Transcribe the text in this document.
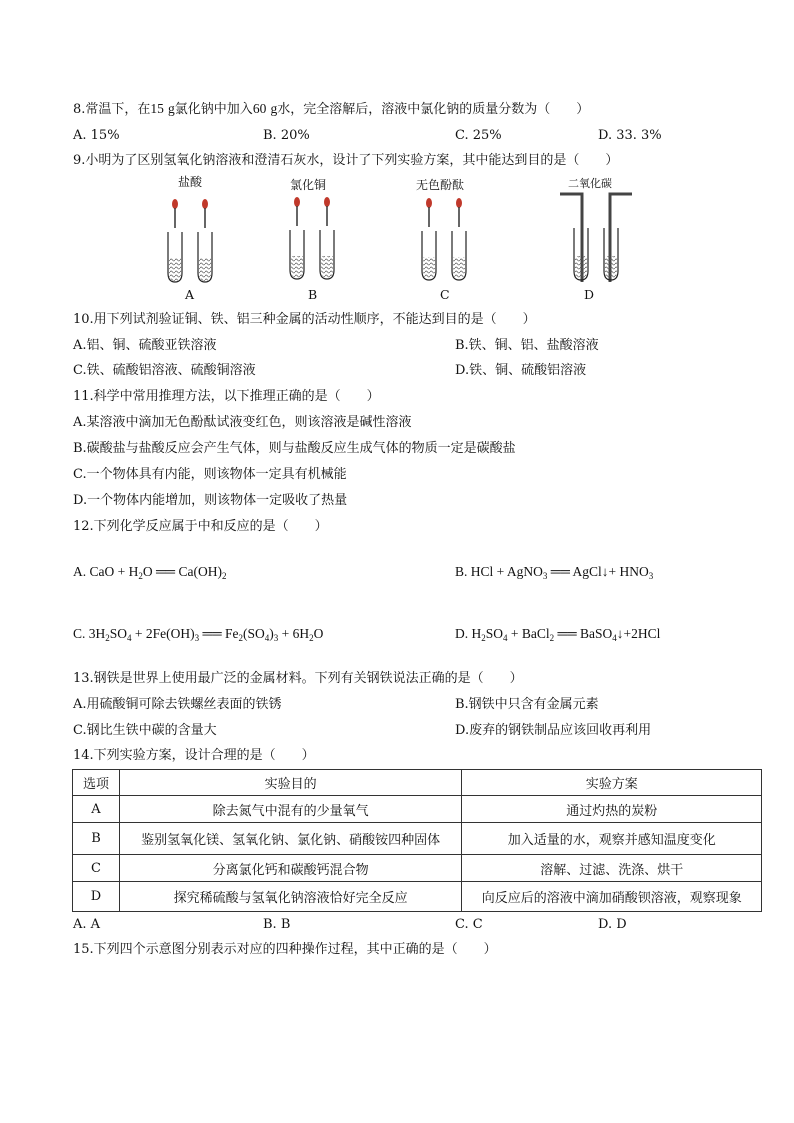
8.常温下，在15 g氯化钠中加入60 g水，完全溶解后，溶液中氯化钠的质量分数为（　　）
A. 15%	B. 20%	C. 25%	D. 33. 3%
9.小明为了区别氢氧化钠溶液和澄清石灰水，设计了下列实验方案，其中能达到目的是（　　）
盐酸	氯化铜	无色酚酞	二氧化碳
A	B	C	D
10.用下列试剂验证铜、铁、铝三种金属的活动性顺序，不能达到目的是（　　）
A.铝、铜、硫酸亚铁溶液	B.铁、铜、铝、盐酸溶液
C.铁、硫酸铝溶液、硫酸铜溶液	D.铁、铜、硫酸铝溶液
11.科学中常用推理方法，以下推理正确的是（　　）
A.某溶液中滴加无色酚酞试液变红色，则该溶液是碱性溶液
B.碳酸盐与盐酸反应会产生气体，则与盐酸反应生成气体的物质一定是碳酸盐
C.一个物体具有内能，则该物体一定具有机械能
D.一个物体内能增加，则该物体一定吸收了热量
12.下列化学反应属于中和反应的是（　　）
A. CaO + $H_2O$ ══ $Ca(OH)_2$	B. HCl + AgNO$_3$ ══ AgCl↓+ $HNO_3$
C. $3H_2SO_4 + 2Fe(OH)_3$ ══ $Fe_2(SO_4)_3 + 6H_2O$	D. $H_2SO_4$ + BaCl$_2$ ══ BaSO$_4$↓+2HCl
13.钢铁是世界上使用最广泛的金属材料。下列有关钢铁说法正确的是（　　）
A.用硫酸铜可除去铁螺丝表面的铁锈	B.钢铁中只含有金属元素
C.钢比生铁中碳的含量大	D.废弃的钢铁制品应该回收再利用
14.下列实验方案，设计合理的是（　　）
选项	实验目的	实验方案
A	除去氮气中混有的少量氧气	通过灼热的炭粉
B	鉴别氢氧化镁、氢氧化钠、氯化钠、硝酸铵四种固体	加入适量的水，观察并感知温度变化
C	分离氯化钙和碳酸钙混合物	溶解、过滤、洗涤、烘干
D	探究稀硫酸与氢氧化钠溶液恰好完全反应	向反应后的溶液中滴加硝酸钡溶液，观察现象
A. A	B. B	C. C	D. D
15.下列四个示意图分别表示对应的四种操作过程，其中正确的是（　　）
